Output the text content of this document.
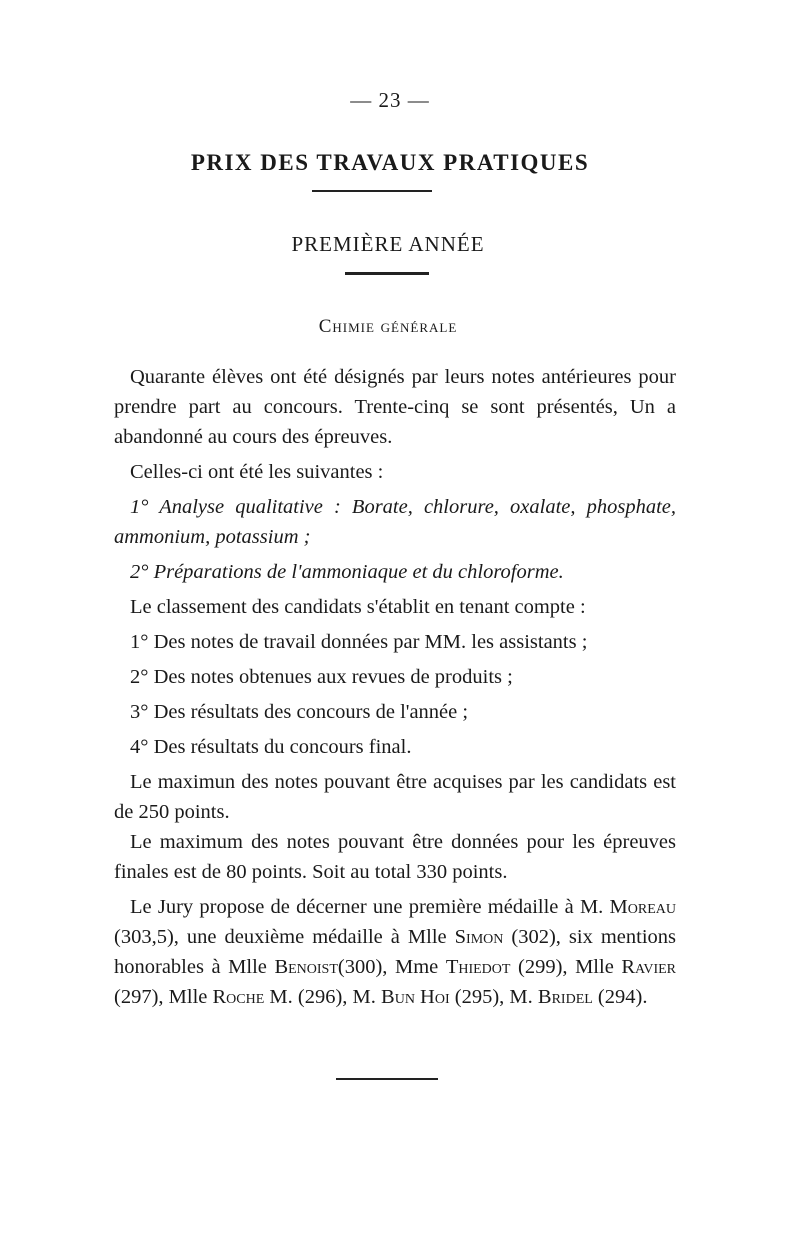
— 23 —
PRIX DES TRAVAUX PRATIQUES
PREMIÈRE ANNÉE
Chimie générale

Quarante élèves ont été désignés par leurs notes antérieures pour prendre part au concours. Trente-cinq se sont présentés, Un a abandonné au cours des épreuves.

Celles-ci ont été les suivantes :

1° Analyse qualitative : Borate, chlorure, oxalate, phosphate, ammonium, potassium ;

2° Préparations de l'ammoniaque et du chloroforme.

Le classement des candidats s'établit en tenant compte :

1° Des notes de travail données par MM. les assistants ;

2° Des notes obtenues aux revues de produits ;

3° Des résultats des concours de l'année ;

4° Des résultats du concours final.

Le maximun des notes pouvant être acquises par les candidats est de 250 points.

Le maximum des notes pouvant être données pour les épreuves finales est de 80 points. Soit au total 330 points.

Le Jury propose de décerner une première médaille à M. Moreau (303,5), une deuxième médaille à Mlle Simon (302), six mentions honorables à Mlle Benoist(300), Mme Thiedot (299), Mlle Ravier (297), Mlle Roche M. (296), M. Bun Hoi (295), M. Bridel (294).
